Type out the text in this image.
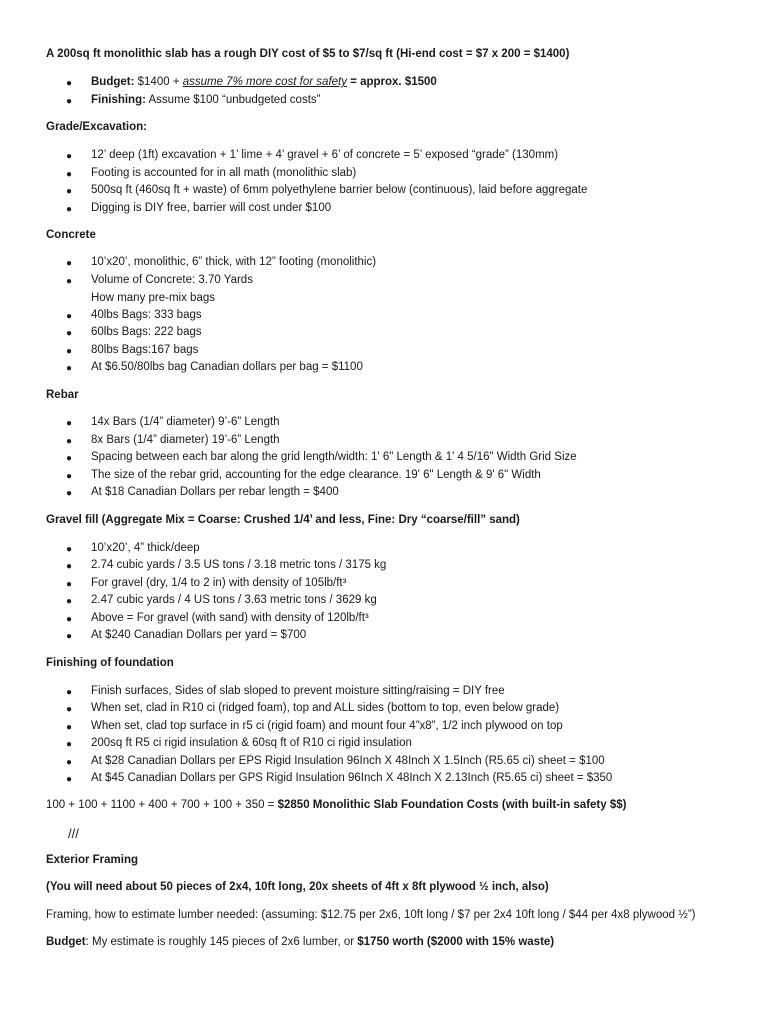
A 200sq ft monolithic slab has a rough DIY cost of $5 to $7/sq ft (Hi-end cost = $7 x 200 = $1400)
● Budget: $1400 + assume 7% more cost for safety = approx. $1500
● Finishing: Assume $100 “unbudgeted costs”
Grade/Excavation:
● 12’ deep (1ft) excavation + 1’ lime + 4’ gravel + 6’ of concrete = 5’ exposed “grade” (130mm)
● Footing is accounted for in all math (monolithic slab)
● 500sq ft (460sq ft + waste) of 6mm polyethylene barrier below (continuous), laid before aggregate
● Digging is DIY free, barrier will cost under $100
Concrete
● 10’x20’, monolithic, 6” thick, with 12” footing (monolithic)
● Volume of Concrete: 3.70 Yards
How many pre-mix bags
● 40lbs Bags: 333 bags
● 60lbs Bags: 222 bags
● 80lbs Bags:167 bags
● At $6.50/80lbs bag Canadian dollars per bag = $1100
Rebar
● 14x Bars (1/4” diameter) 9’-6” Length
● 8x Bars (1/4” diameter) 19’-6” Length
● Spacing between each bar along the grid length/width: 1' 6" Length & 1' 4 5/16" Width Grid Size
● The size of the rebar grid, accounting for the edge clearance. 19' 6" Length & 9' 6" Width
● At $18 Canadian Dollars per rebar length = $400
Gravel fill (Aggregate Mix = Coarse: Crushed 1/4’ and less, Fine: Dry “coarse/fill” sand)
● 10’x20’, 4” thick/deep
● 2.74 cubic yards / 3.5 US tons / 3.18 metric tons / 3175 kg
● For gravel (dry, 1/4 to 2 in) with density of 105lb/ft³
● 2.47 cubic yards / 4 US tons / 3.63 metric tons / 3629 kg
● Above = For gravel (with sand) with density of 120lb/ft³
● At $240 Canadian Dollars per yard = $700
Finishing of foundation
● Finish surfaces, Sides of slab sloped to prevent moisture sitting/raising = DIY free
● When set, clad in R10 ci (ridged foam), top and ALL sides (bottom to top, even below grade)
● When set, clad top surface in r5 ci (rigid foam) and mount four 4”x8”, 1/2 inch plywood on top
● 200sq ft R5 ci rigid insulation & 60sq ft of R10 ci rigid insulation
● At $28 Canadian Dollars per EPS Rigid Insulation 96Inch X 48Inch X 1.5Inch (R5.65 ci) sheet = $100
● At $45 Canadian Dollars per GPS Rigid Insulation 96Inch X 48Inch X 2.13Inch (R5.65 ci) sheet = $350
100 + 100 + 1100 + 400 + 700 + 100 + 350 = $2850 Monolithic Slab Foundation Costs (with built-in safety $$)
///
Exterior Framing
(You will need about 50 pieces of 2x4, 10ft long, 20x sheets of 4ft x 8ft plywood ½ inch, also)
Framing, how to estimate lumber needed: (assuming: $12.75 per 2x6, 10ft long / $7 per 2x4 10ft long / $44 per 4x8 plywood ½”)
Budget: My estimate is roughly 145 pieces of 2x6 lumber, or $1750 worth ($2000 with 15% waste)
